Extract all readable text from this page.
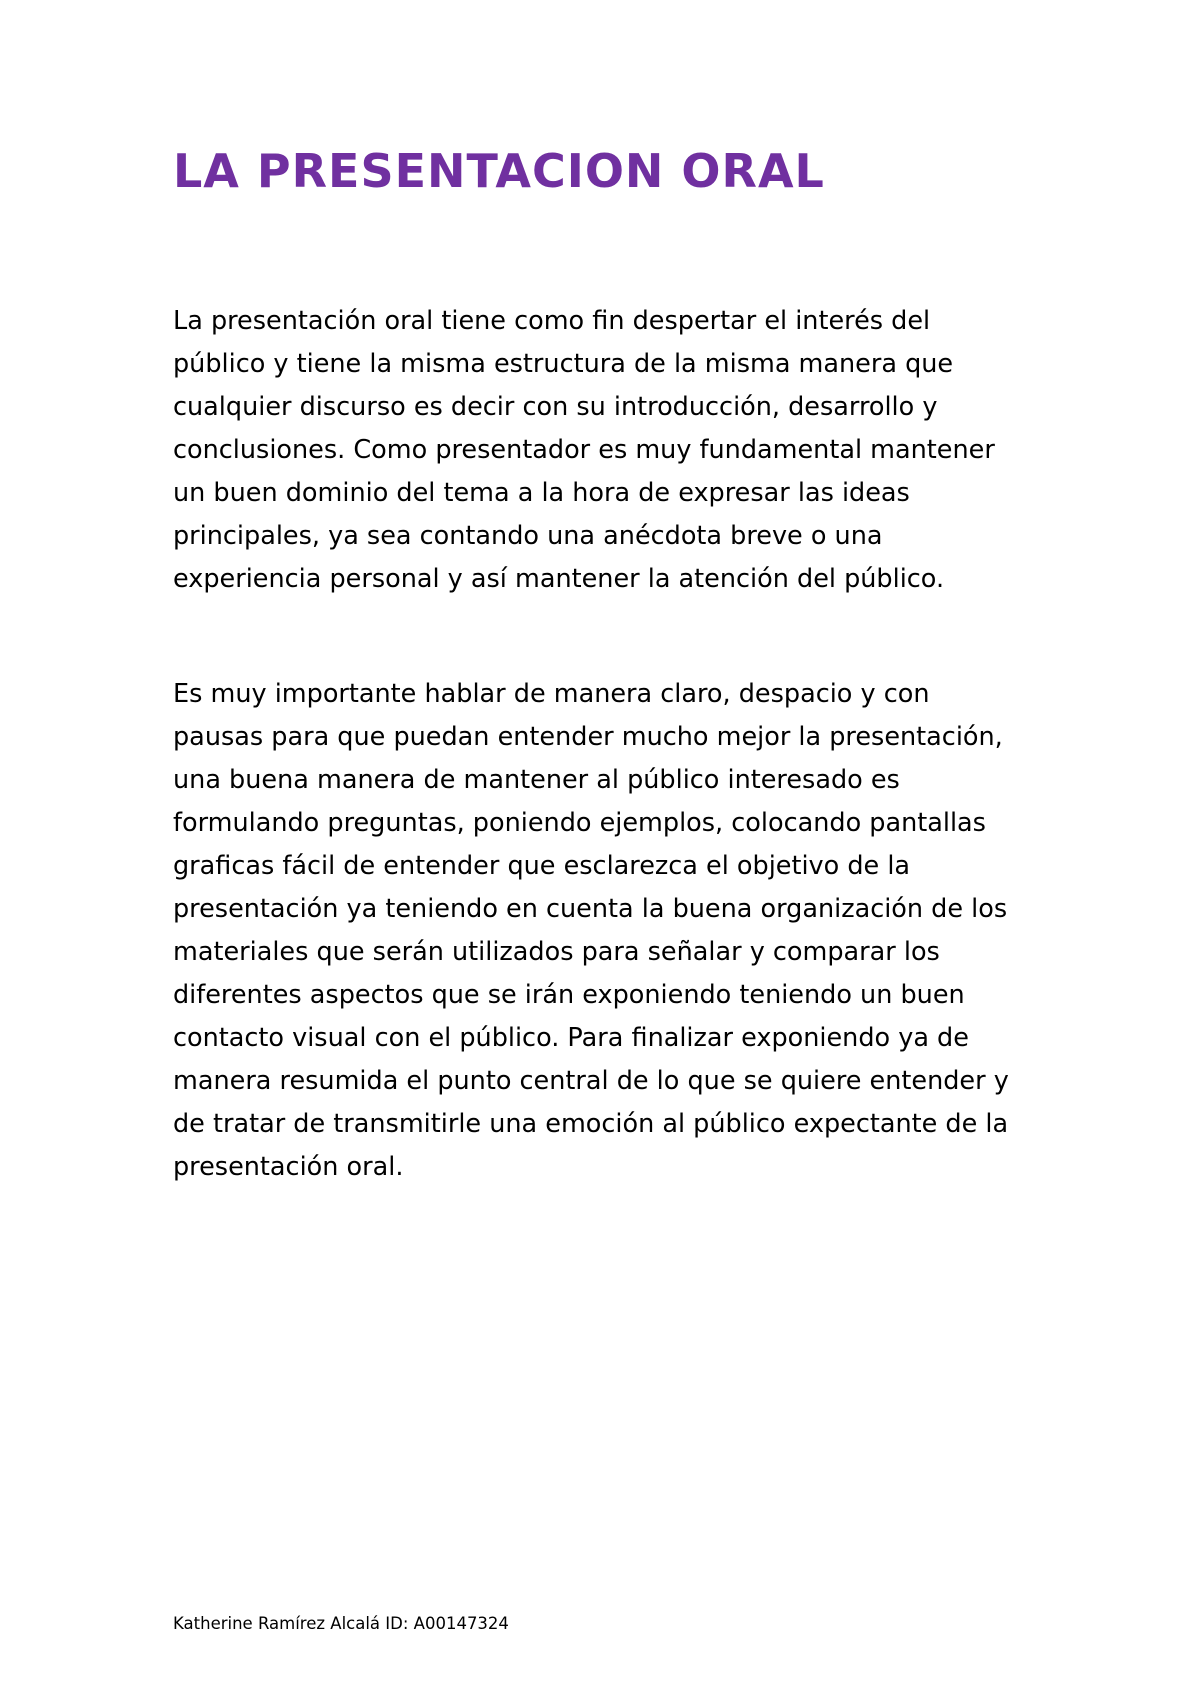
LA PRESENTACION ORAL
La presentación oral tiene como fin despertar el interés del
público y tiene la misma estructura de la misma manera que
cualquier discurso es decir con su introducción, desarrollo y
conclusiones. Como presentador es muy fundamental mantener
un buen dominio del tema a la hora de expresar las ideas
principales, ya sea contando una anécdota breve o una
experiencia personal y así mantener la atención del público.
Es muy importante hablar de manera claro, despacio y con
pausas para que puedan entender mucho mejor la presentación,
una buena manera de mantener al público interesado es
formulando preguntas, poniendo ejemplos, colocando pantallas
graficas fácil de entender que esclarezca el objetivo de la
presentación ya teniendo en cuenta la buena organización de los
materiales que serán utilizados para señalar y comparar los
diferentes aspectos que se irán exponiendo teniendo un buen
contacto visual con el público. Para finalizar exponiendo ya de
manera resumida el punto central de lo que se quiere entender y
de tratar de transmitirle una emoción al público expectante de la
presentación oral.
Katherine Ramírez Alcalá ID: A00147324
